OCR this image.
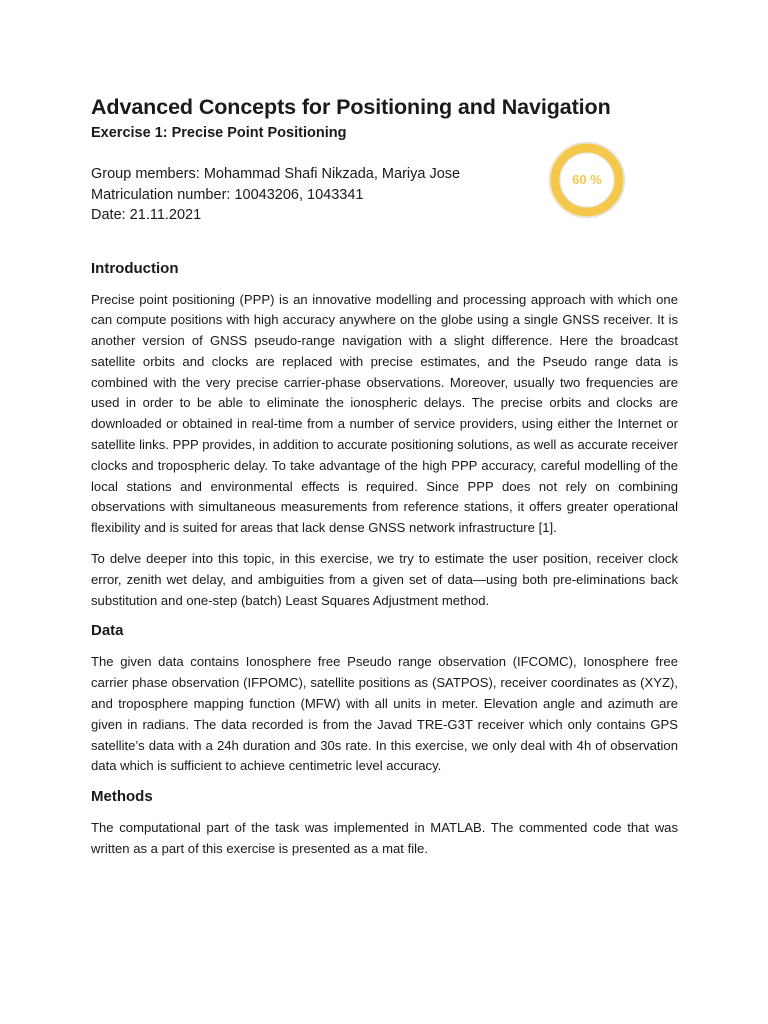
Advanced Concepts for Positioning and Navigation
Exercise 1: Precise Point Positioning
Group members: Mohammad Shafi Nikzada, Mariya Jose
Matriculation number: 10043206, 1043341
Date: 21.11.2021
Introduction

Precise point positioning (PPP) is an innovative modelling and processing approach with which one can compute positions with high accuracy anywhere on the globe using a single GNSS receiver. It is another version of GNSS pseudo-range navigation with a slight difference. Here the broadcast satellite orbits and clocks are replaced with precise estimates, and the Pseudo range data is combined with the very precise carrier-phase observations. Moreover, usually two frequencies are used in order to be able to eliminate the ionospheric delays. The precise orbits and clocks are downloaded or obtained in real-time from a number of service providers, using either the Internet or satellite links. PPP provides, in addition to accurate positioning solutions, as well as accurate receiver clocks and tropospheric delay. To take advantage of the high PPP accuracy, careful modelling of the local stations and environmental effects is required. Since PPP does not rely on combining observations with simultaneous measurements from reference stations, it offers greater operational flexibility and is suited for areas that lack dense GNSS network infrastructure [1].

To delve deeper into this topic, in this exercise, we try to estimate the user position, receiver clock error, zenith wet delay, and ambiguities from a given set of data—using both pre-eliminations back substitution and one-step (batch) Least Squares Adjustment method.

Data

The given data contains Ionosphere free Pseudo range observation (IFCOMC), Ionosphere free carrier phase observation (IFPOMC), satellite positions as (SATPOS), receiver coordinates as (XYZ), and troposphere mapping function (MFW) with all units in meter. Elevation angle and azimuth are given in radians. The data recorded is from the Javad TRE-G3T receiver which only contains GPS satellite’s data with a 24h duration and 30s rate. In this exercise, we only deal with 4h of observation data which is sufficient to achieve centimetric level accuracy.

Methods

The computational part of the task was implemented in MATLAB. The commented code that was written as a part of this exercise is presented as a mat file.

60 %
